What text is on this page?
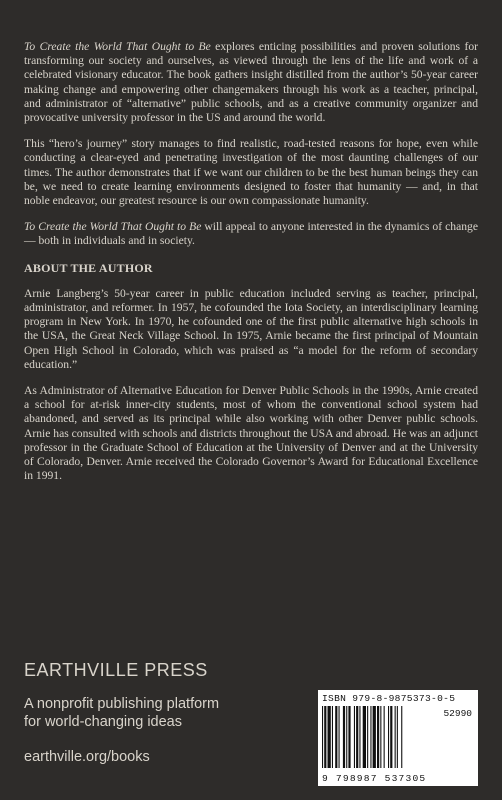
To Create the World That Ought to Be explores enticing possibilities and proven solutions for transforming our society and ourselves, as viewed through the lens of the life and work of a celebrated visionary educator. The book gathers insight distilled from the author’s 50-year career making change and empowering other changemakers through his work as a teacher, principal, and administrator of “alternative” public schools, and as a creative community organizer and provocative university professor in the US and around the world.

This “hero’s journey” story manages to find realistic, road-tested reasons for hope, even while conducting a clear-eyed and penetrating investigation of the most daunting challenges of our times. The author demonstrates that if we want our children to be the best human beings they can be, we need to create learning environments designed to foster that humanity — and, in that noble endeavor, our greatest resource is our own compassionate humanity.

To Create the World That Ought to Be will appeal to anyone interested in the dynamics of change — both in individuals and in society.

ABOUT THE AUTHOR

Arnie Langberg’s 50-year career in public education included serving as teacher, principal, administrator, and reformer. In 1957, he cofounded the Iota Society, an interdisciplinary learning program in New York. In 1970, he cofounded one of the first public alternative high schools in the USA, the Great Neck Village School. In 1975, Arnie became the first principal of Mountain Open High School in Colorado, which was praised as “a model for the reform of secondary education.”

As Administrator of Alternative Education for Denver Public Schools in the 1990s, Arnie created a school for at-risk inner-city students, most of whom the conventional school system had abandoned, and served as its principal while also working with other Denver public schools. Arnie has consulted with schools and districts throughout the USA and abroad. He was an adjunct professor in the Graduate School of Education at the University of Denver and at the University of Colorado, Denver. Arnie received the Colorado Governor’s Award for Educational Excellence in 1991.

EARTHVILLE PRESS

A nonprofit publishing platform
for world-changing ideas

earthville.org/books

ISBN 979-8-9875373-0-5
52990
9 798987 537305
